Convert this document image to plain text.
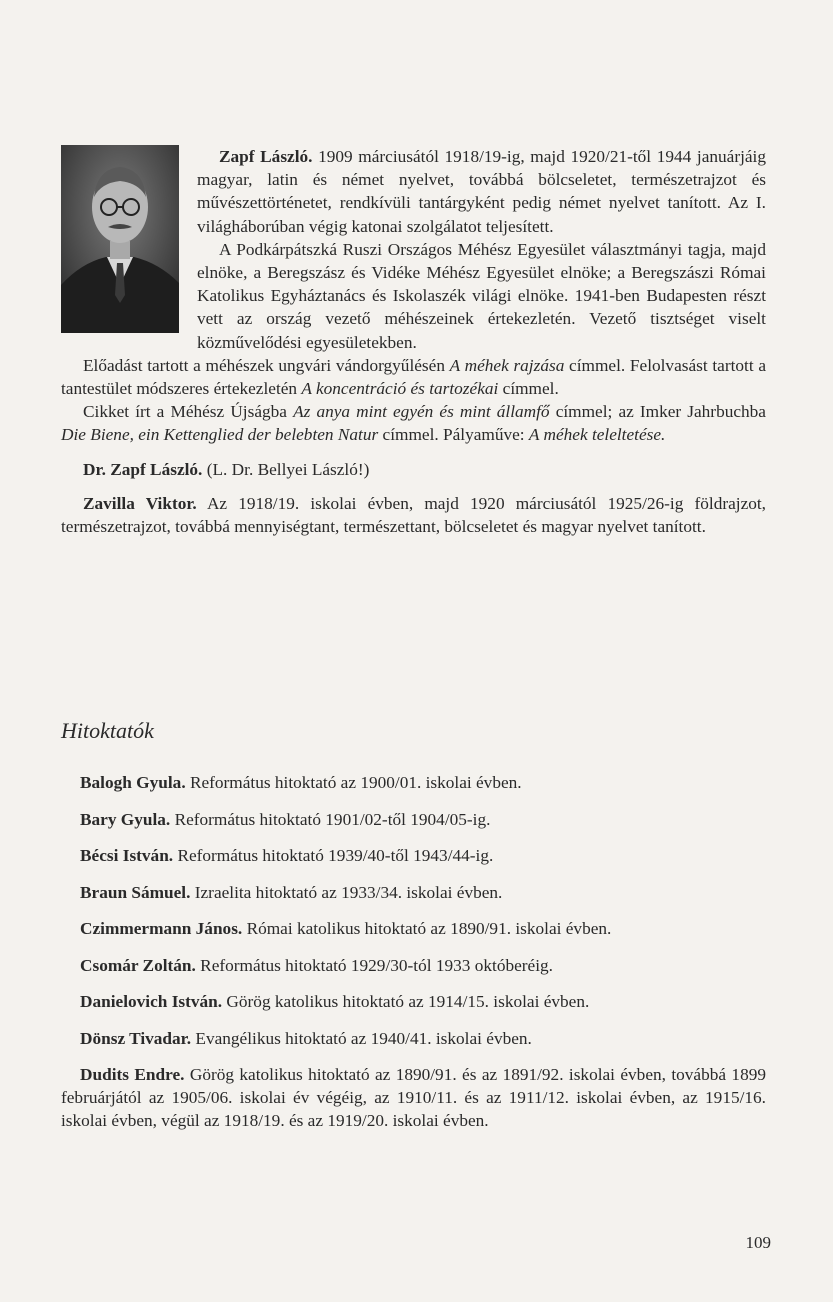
Zapf László. 1909 márciusától 1918/19-ig, majd 1920/21-től 1944 januárjáig magyar, latin és német nyelvet, továbbá bölcseletet, természetrajzot és művészettörténetet, rendkívüli tantárgyként pedig német nyelvet tanított. Az I. világháborúban végig katonai szolgálatot teljesített.

A Podkárpátszká Ruszi Országos Méhész Egyesület választmányi tagja, majd elnöke, a Beregszász és Vidéke Méhész Egyesület elnöke; a Beregszászi Római Katolikus Egyháztanács és Iskolaszék világi elnöke. 1941-ben Budapesten részt vett az ország vezető méhészeinek értekezletén. Vezető tisztséget viselt közművelődési egyesületekben.

Előadást tartott a méhészek ungvári vándorgyűlésén A méhek rajzása címmel. Felolvasást tartott a tantestület módszeres értekezletén A koncentráció és tartozékai címmel.

Cikket írt a Méhész Újságba Az anya mint egyén és mint államfő címmel; az Imker Jahrbuchba Die Biene, ein Kettenglied der belebten Natur címmel. Pályaműve: A méhek teleltetése.

Dr. Zapf László. (L. Dr. Bellyei László!)

Zavilla Viktor. Az 1918/19. iskolai évben, majd 1920 márciusától 1925/26-ig földrajzot, természetrajzot, továbbá mennyiségtant, természettant, bölcseletet és magyar nyelvet tanított.

Hitoktatók

Balogh Gyula. Református hitoktató az 1900/01. iskolai évben.

Bary Gyula. Református hitoktató 1901/02-től 1904/05-ig.

Bécsi István. Református hitoktató 1939/40-től 1943/44-ig.

Braun Sámuel. Izraelita hitoktató az 1933/34. iskolai évben.

Czimmermann János. Római katolikus hitoktató az 1890/91. iskolai évben.

Csomár Zoltán. Református hitoktató 1929/30-tól 1933 októberéig.

Danielovich István. Görög katolikus hitoktató az 1914/15. iskolai évben.

Dönsz Tivadar. Evangélikus hitoktató az 1940/41. iskolai évben.

Dudits Endre. Görög katolikus hitoktató az 1890/91. és az 1891/92. iskolai évben, továbbá 1899 februárjától az 1905/06. iskolai év végéig, az 1910/11. és az 1911/12. iskolai évben, az 1915/16. iskolai évben, végül az 1918/19. és az 1919/20. iskolai évben.

109
